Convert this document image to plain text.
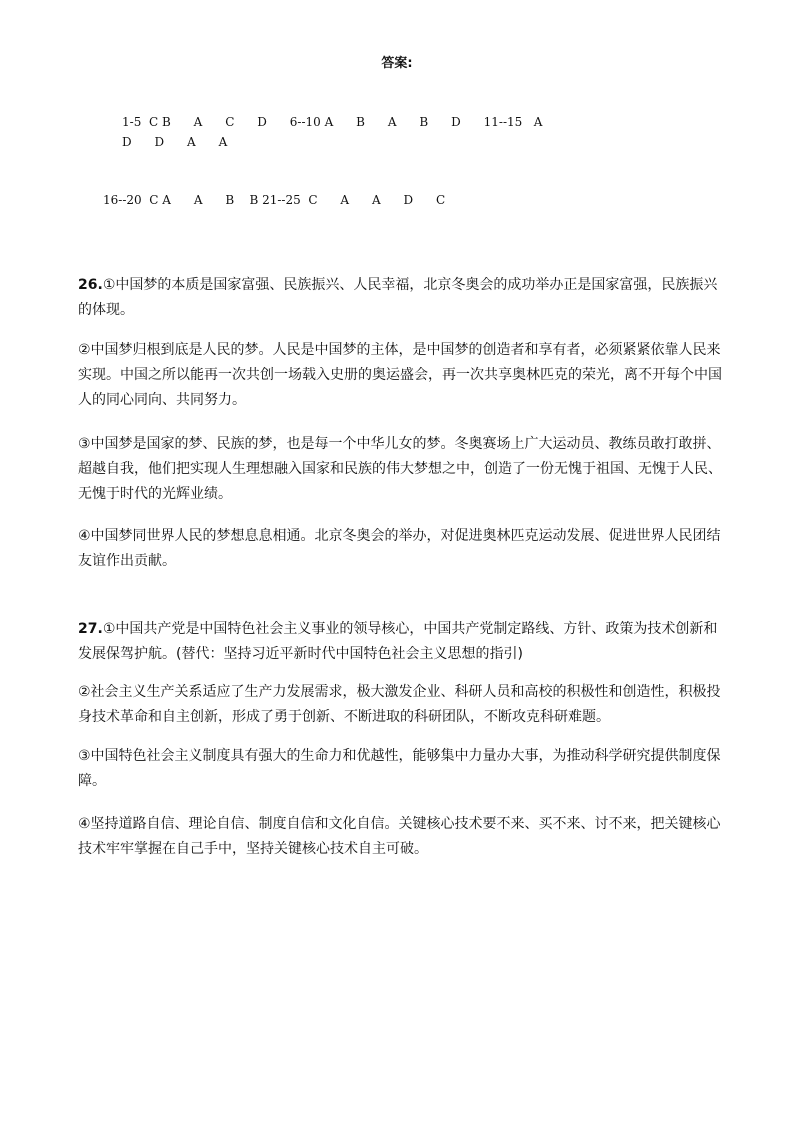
答案:
1-5  C B      A      C      D      6--10 A      B      A      B      D      11--15   A
D      D      A      A
16--20  C A      A      B    B 21--25  C      A      A      D      C
26.①中国梦的本质是国家富强、民族振兴、人民幸福，北京冬奥会的成功举办正是国家富强，民族振兴的体现。
②中国梦归根到底是人民的梦。人民是中国梦的主体，是中国梦的创造者和享有者，必须紧紧依靠人民来实现。中国之所以能再一次共创一场载入史册的奥运盛会，再一次共享奥林匹克的荣光，离不开每个中国人的同心同向、共同努力。
③中国梦是国家的梦、民族的梦，也是每一个中华儿女的梦。冬奥赛场上广大运动员、教练员敢打敢拼、超越自我，他们把实现人生理想融入国家和民族的伟大梦想之中，创造了一份无愧于祖国、无愧于人民、无愧于时代的光辉业绩。
④中国梦同世界人民的梦想息息相通。北京冬奥会的举办，对促进奥林匹克运动发展、促进世界人民团结友谊作出贡献。
27.①中国共产党是中国特色社会主义事业的领导核心，中国共产党制定路线、方针、政策为技术创新和发展保驾护航。(替代：坚持习近平新时代中国特色社会主义思想的指引)
②社会主义生产关系适应了生产力发展需求，极大激发企业、科研人员和高校的积极性和创造性，积极投身技术革命和自主创新，形成了勇于创新、不断进取的科研团队，不断攻克科研难题。
③中国特色社会主义制度具有强大的生命力和优越性，能够集中力量办大事，为推动科学研究提供制度保障。
④坚持道路自信、理论自信、制度自信和文化自信。关键核心技术要不来、买不来、讨不来，把关键核心技术牢牢掌握在自己手中，坚持关键核心技术自主可破。
